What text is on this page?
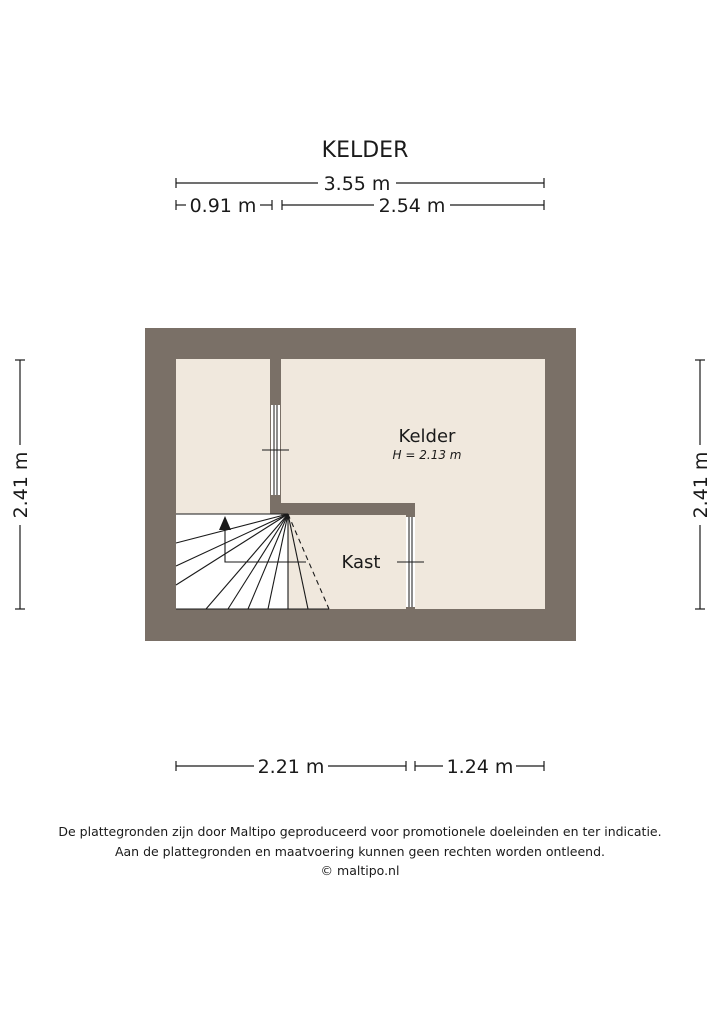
KELDER
3.55 m
0.91 m	2.54 m
2.41 m	2.41 m
Kelder
H = 2.13 m
Kast
2.21 m	1.24 m
De plattegronden zijn door Maltipo geproduceerd voor promotionele doeleinden en ter indicatie.
Aan de plattegronden en maatvoering kunnen geen rechten worden ontleend.
© maltipo.nl
